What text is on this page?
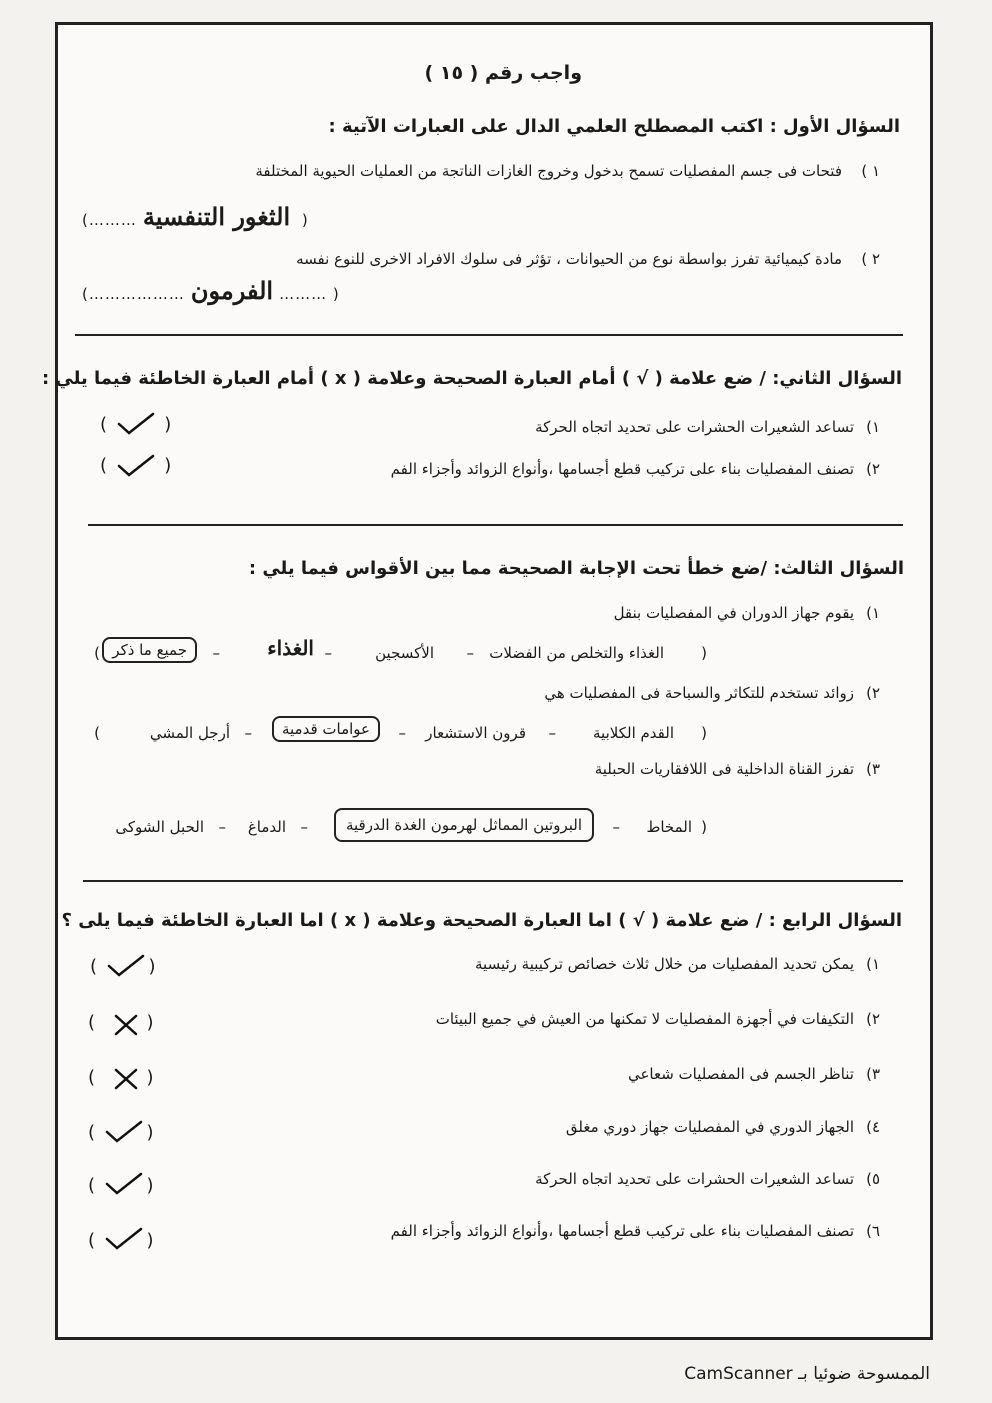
واجب رقم ( ١٥ )
السؤال الأول : اكتب المصطلح العلمي الدال على العبارات الآتية :
١ )
فتحات فى جسم المفصليات تسمح بدخول وخروج الغازات الناتجة من العمليات الحيوية المختلفة
(……… الثغور التنفسية )
٢ )
مادة كيميائية تفرز بواسطة نوع من الحيوانات ، تؤثر فى سلوك الافراد الاخرى للنوع نفسه
(……………… الفرمون ……… )
السؤال الثاني: / ضع علامة ( √ ) أمام العبارة الصحيحة وعلامة ( x ) أمام العبارة الخاطئة فيما يلي :
١)
تساعد الشعيرات الحشرات على تحديد اتجاه الحركة
(          )
٢)
تصنف المفصليات بناء على تركيب قطع أجسامها ،وأنواع الزوائد وأجزاء الفم
(          )
السؤال الثالث: /ضع خطأ تحت الإجابة الصحيحة مما بين الأقواس فيما يلي :
١)
يقوم جهاز الدوران في المفصليات بنقل
(
الغذاء والتخلص من الفضلات
–
الأكسجين
–
الغذاء
–
جميع ما ذكر
)
٢)
زوائد تستخدم للتكاثر والسباحة فى المفصليات هي
(
القدم الكلابية
–
قرون الاستشعار
–
عوامات قدمية
–
أرجل المشي
)
٣)
تفرز القناة الداخلية فى اللافقاريات الحبلية
(
المخاط
–
البروتين المماثل لهرمون الغدة الدرقية
–
الدماغ
–
الحبل الشوكى
السؤال الرابع : / ضع علامة ( √ ) اما العبارة الصحيحة وعلامة ( x ) اما العبارة الخاطئة فيما يلى ؟
١)
يمكن تحديد المفصليات من خلال ثلاث خصائص تركيبية رئيسية
(         )
٢)
التكيفات في أجهزة المفصليات لا تمكنها من العيش في جميع البيئات
(         )
٣)
تناظر الجسم فى المفصليات شعاعي
(         )
٤)
الجهاز الدوري في المفصليات جهاز دوري مغلق
(         )
٥)
تساعد الشعيرات الحشرات على تحديد اتجاه الحركة
(         )
٦)
تصنف المفصليات بناء على تركيب قطع أجسامها ،وأنواع الزوائد وأجزاء الفم
(         )
CamScanner الممسوحة ضوئيا بـ
